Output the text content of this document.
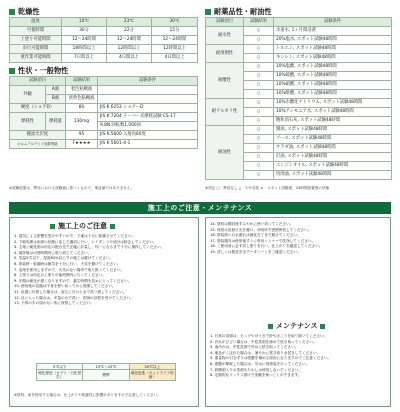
乾燥性
温度	10℃	23℃	30℃
可使時間	30分	22分	15分
上塗り可能時間	12〜24時間	12〜24時間	12〜24時間
歩行可能時間	18時間以上	12時間以上	12時間以上
重作業可能時間	7日間以上	4日間以上	4日間以上
性状・一般物性
試験項目		試験結果	試験条件
外観	A液	着色粘稠液	
	B液	淡黄色粘稠液	
硬度（ショアD）		80	JIS K 6253 ショアーD
摩耗性	摩耗量	130mg	JIS K 7204 テーバー式摩耗試験 CS-17
			9.8N 回転数1,000回
鏡面光沢度		95	JIS K 5600 入射角60度
ホルムアルデヒド放散等級		F★★★★	JIS K 5601-4-1
※試験結果は、弊社における試験値に基づくもので、保証値ではありません。
耐薬品性・耐油性
試験項目	試験結果	試験条件
耐水性	○	水道水, 1ヶ月間浸漬
	○	20%塩水, スポット試験48時間
耐溶剤性	○	トルエン, スポット試験48時間
	○	キシレン, スポット試験48時間
耐酸性	○	10%塩酸, スポット試験48時間
	○	10%硫酸, スポット試験48時間
	○	10%硝酸, スポット試験48時間
	○	10%酢酸, スポット試験48時間
耐アルカリ性	○	10%水酸化ナトリウム, スポット試験48時間
	○	10%アンモニア水, スポット試験48時間
	○	飽和消石灰, スポット試験48時間
耐油性	○	醤油, スポット試験48時間
	○	ソース, スポット試験48時間
	○	サラダ油, スポット試験48時間
	○	灯油, スポット試験48時間
	○	エンジンオイル, スポット試験48時間
	○	切削油, スポット試験48時間
※判定 ○：異常なし △：やや変化 ×：スポット試験後、24時間放置後の状態
施工上のご注意・メンテナンス
施工上のご注意
1. 湿気による影響を受けやすいので、下地は十分に乾燥させてください。
2. 下地処理は床面の状態に応じて適切に行い、レイタンスや油分は除去してください。
3. 主剤と硬化剤は所定の配合比で正確に計量し、均一になるまで十分に撹拌してください。
4. 撹拌後は可使時間内に塗り終えてください。
5. 気温5℃以下、湿度85%以上での施工は避けてください。
6. 塗装時・乾燥時は換気を十分に行い、火気を避けてください。
7. 溶剤を使用しますので、火気のない場所で取り扱ってください。
8. 上塗りは所定の上塗り可能時間内に行ってください。
9. 冬期は硬化が遅くなりますので、養生時間を長めにとってください。
10. 使用後の容器は中身を使い切ってから廃棄してください。
11. 皮膚に付着した場合は、直ちに石けん水で洗い流してください。
12. 目に入った場合は、多量の水で洗い、医師の診察を受けてください。
13. 子供の手の届かない所に保管してください。
5℃以下	15℃〜25℃	30℃以上
硬化遅延（カブリ・白化発生）	標準	硬化促進（ポットライフ短縮）
※塗料、床を使用する場合は、仕上がりや乾燥性に影響がありますので注意してください。
14. 塗料は開封後すみやかに使い切ってください。
15. 保管は直射日光を避け、冷暗所で密閉保管してください。
16. 塗装面への水濡れは硬化完了まで避けてください。
17. 塗装器具は使用後すぐに専用シンナーで洗浄してください。
18. ご使用前に必ず試し塗りを行い、仕上がりを確認してください。
19. 詳しくは製品安全データシートをご確認ください。
メンテナンス
1. 日常の清掃は、モップやほうきで砂やほこりを取り除いてください。
2. 汚れがひどい場合は、中性洗剤を薄めて拭き取ってください。
3. 油汚れは、中性洗剤で早めに拭き取ってください。
4. 薬品がこぼれた場合は、速やかに拭き取り水拭きしてください。
5. 重量物の引きずりは塗膜を傷める原因になりますのでご注意ください。
6. 塗膜が摩耗した場合は、早めに再塗装を行ってください。
7. 研磨剤入りの洗剤やたわしは使用しないでください。
8. 定期的なワックス掛けで美観を保つことができます。
